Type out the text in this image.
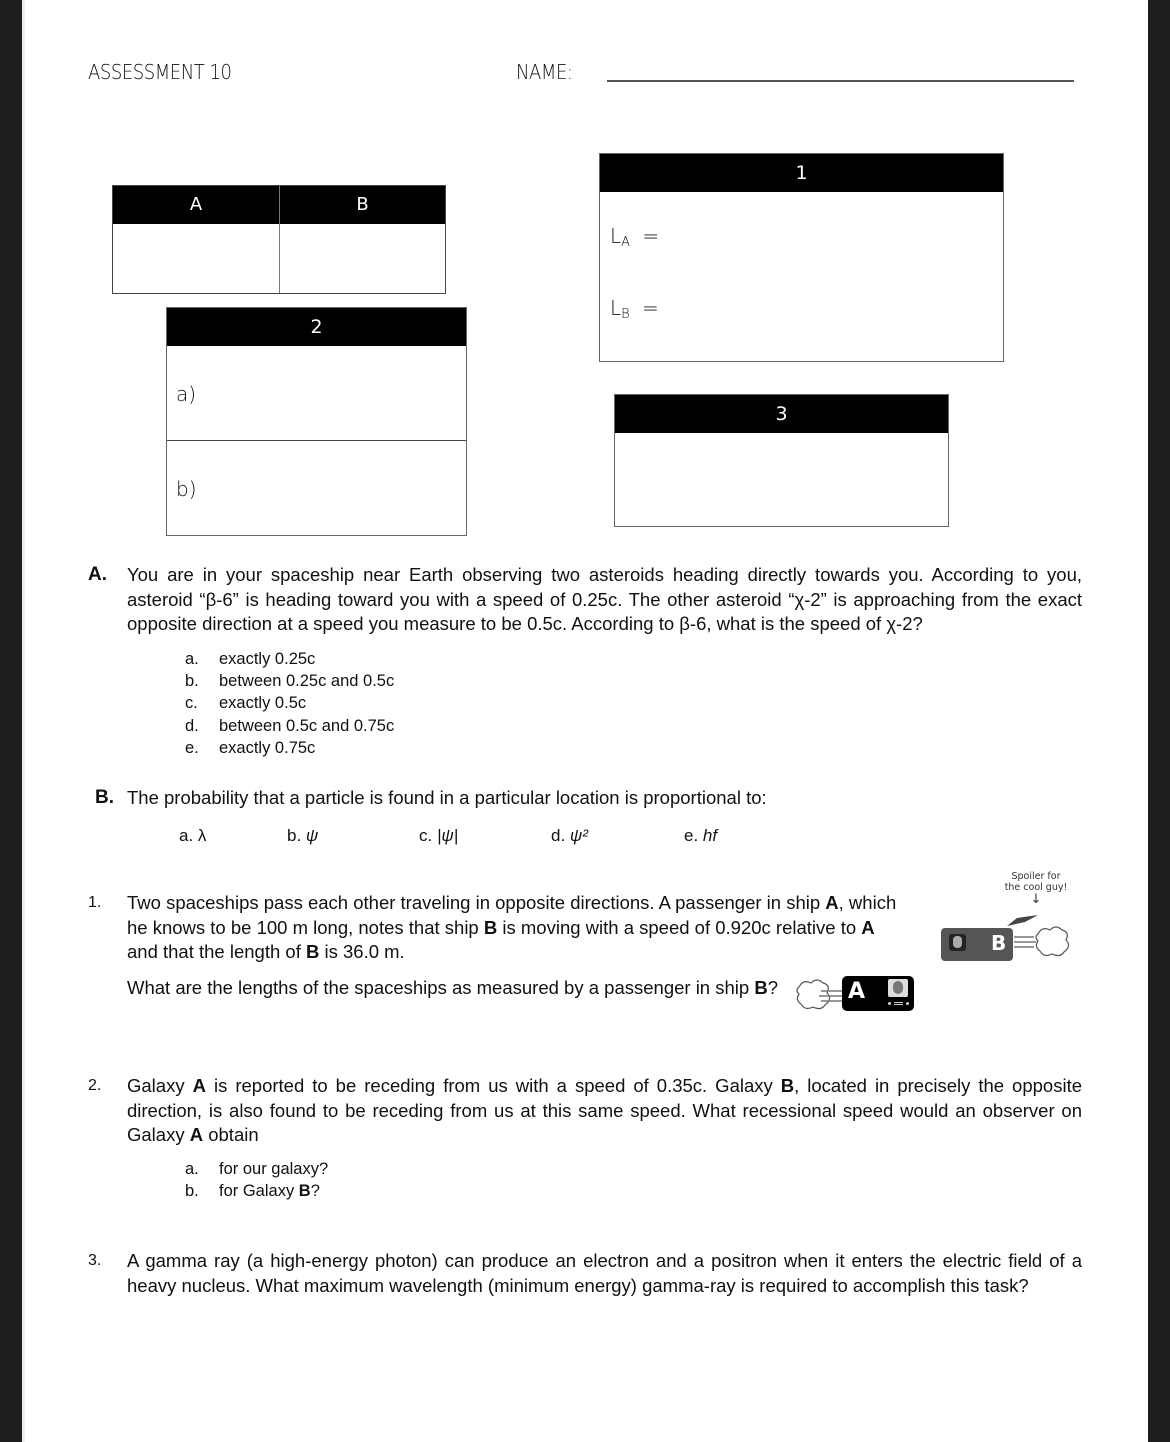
ASSESSMENT 10	NAME:
A	B
1
$L_A$ =
$L_B$ =
2
a)
b)
3
A. You are in your spaceship near Earth observing two asteroids heading directly towards you. According to you, asteroid “β-6” is heading toward you with a speed of 0.25c. The other asteroid “χ-2” is approaching from the exact opposite direction at a speed you measure to be 0.5c. According to β-6, what is the speed of χ-2?
a.	exactly 0.25c
b.	between 0.25c and 0.5c
c.	exactly 0.5c
d.	between 0.5c and 0.75c
e.	exactly 0.75c
B. The probability that a particle is found in a particular location is proportional to:
a. λ	b. ψ	c. |ψ|	d. ψ²	e. hf
1. Two spaceships pass each other traveling in opposite directions. A passenger in ship A, which he knows to be 100 m long, notes that ship B is moving with a speed of 0.920c relative to A
and that the length of B is 36.0 m.
What are the lengths of the spaceships as measured by a passenger in ship B?
Spoiler for
the cool guy!
↓
B
A
2. Galaxy A is reported to be receding from us with a speed of 0.35c. Galaxy B, located in precisely the opposite direction, is also found to be receding from us at this same speed. What recessional speed would an observer on Galaxy A obtain
a.	for our galaxy?
b.	for Galaxy B?
3. A gamma ray (a high-energy photon) can produce an electron and a positron when it enters the electric field of a heavy nucleus. What maximum wavelength (minimum energy) gamma-ray is required to accomplish this task?
